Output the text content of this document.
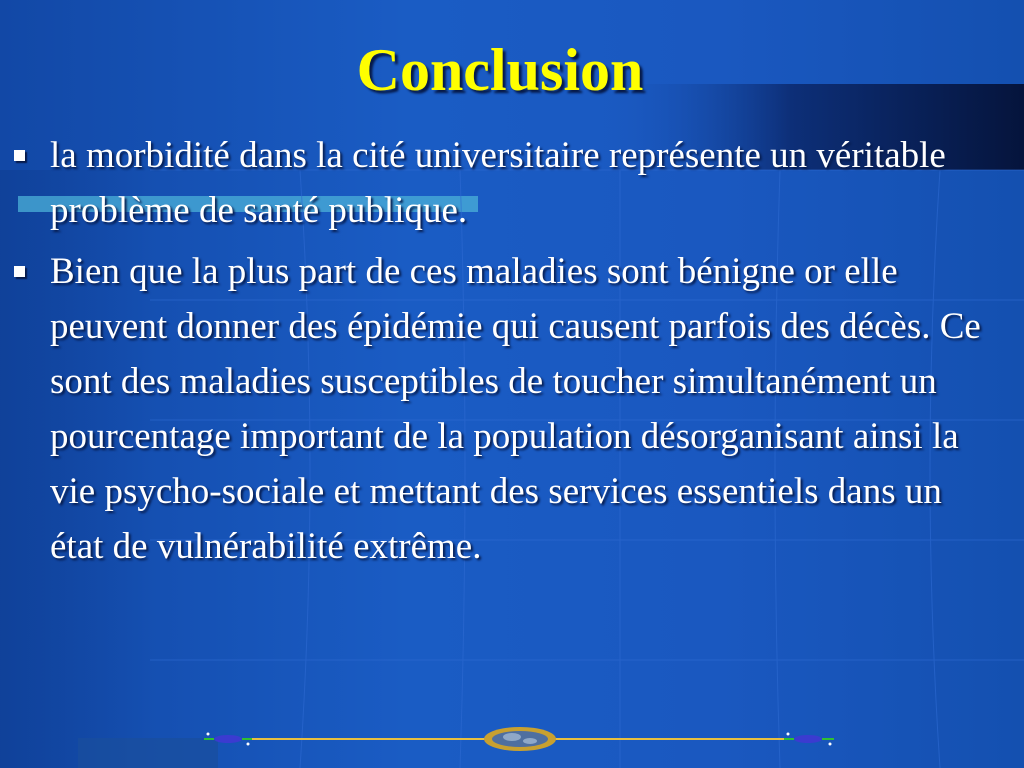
Conclusion
la morbidité dans la cité universitaire représente un véritable problème de santé publique.
Bien que la plus part de ces maladies sont bénigne or elle peuvent donner des épidémie qui causent parfois des décès. Ce sont des maladies susceptibles de toucher simultanément un pourcentage important de la population désorganisant ainsi la vie psycho-sociale et mettant des services essentiels dans un état de vulnérabilité extrême.
